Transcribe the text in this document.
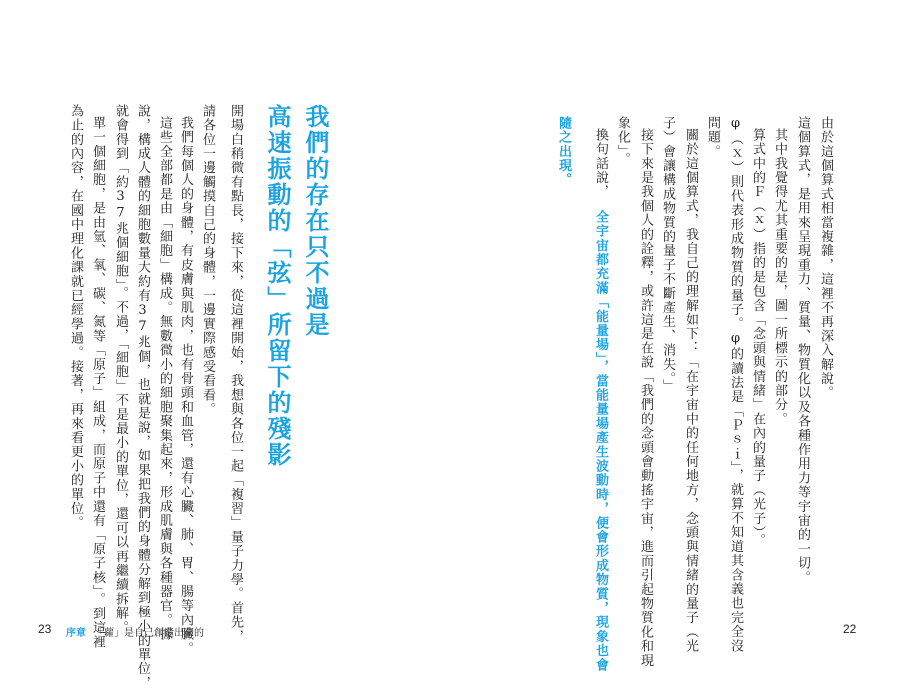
我們的存在只不過是
高速振動的「弦」所留下的殘影
開場白稍微有點長，接下來，從這裡開始，我想與各位一起「複習」量子力學。首先，
請各位一邊觸摸自己的身體，一邊實際感受看看。
我們每個人的身體，有皮膚與肌肉，也有骨頭和血管，還有心臟、肺、胃、腸等內臟。
這些全部都是由「細胞」構成。無數微小的細胞聚集起來，形成肌膚與各種器官。據
說，構成人體的細胞數量大約有37兆個，也就是說，如果把我們的身體分解到極小的單位，
就會得到「約37兆個細胞」。不過，「細胞」不是最小的單位，還可以再繼續拆解。
單一個細胞，是由氫、氧、碳、氮等「原子」組成，而原子中還有「原子核」。到這裡
為止的內容，在國中理化課就已經學過。接著，再來看更小的單位。
23 序章 「蘿」是自己創造出來的
由於這個算式相當複雜，這裡不再深入解說。
這個算式，是用來呈現重力、質量、物質化以及各種作用力等宇宙的一切。
其中我覺得尤其重要的是，圖一所標示的部分。
算式中的Ｆ（ｘ）指的是包含「念頭與情緒」在內的量子（光子）。
φ（ｘ）則代表形成物質的量子。φ的讀法是「Ｐｓｉ」，就算不知道其含義也完全沒
問題。
關於這個算式，我自己的理解如下：「在宇宙中的任何地方，念頭與情緒的量子（光
子）會讓構成物質的量子不斷產生、消失。」
接下來是我個人的詮釋，或許這是在說「我們的念頭會動搖宇宙，進而引起物質化和現
象化」。
換句話說，
全宇宙都充滿「能量場」，當能量場產生波動時，便會形成物質，現象也會
隨之出現。
22
